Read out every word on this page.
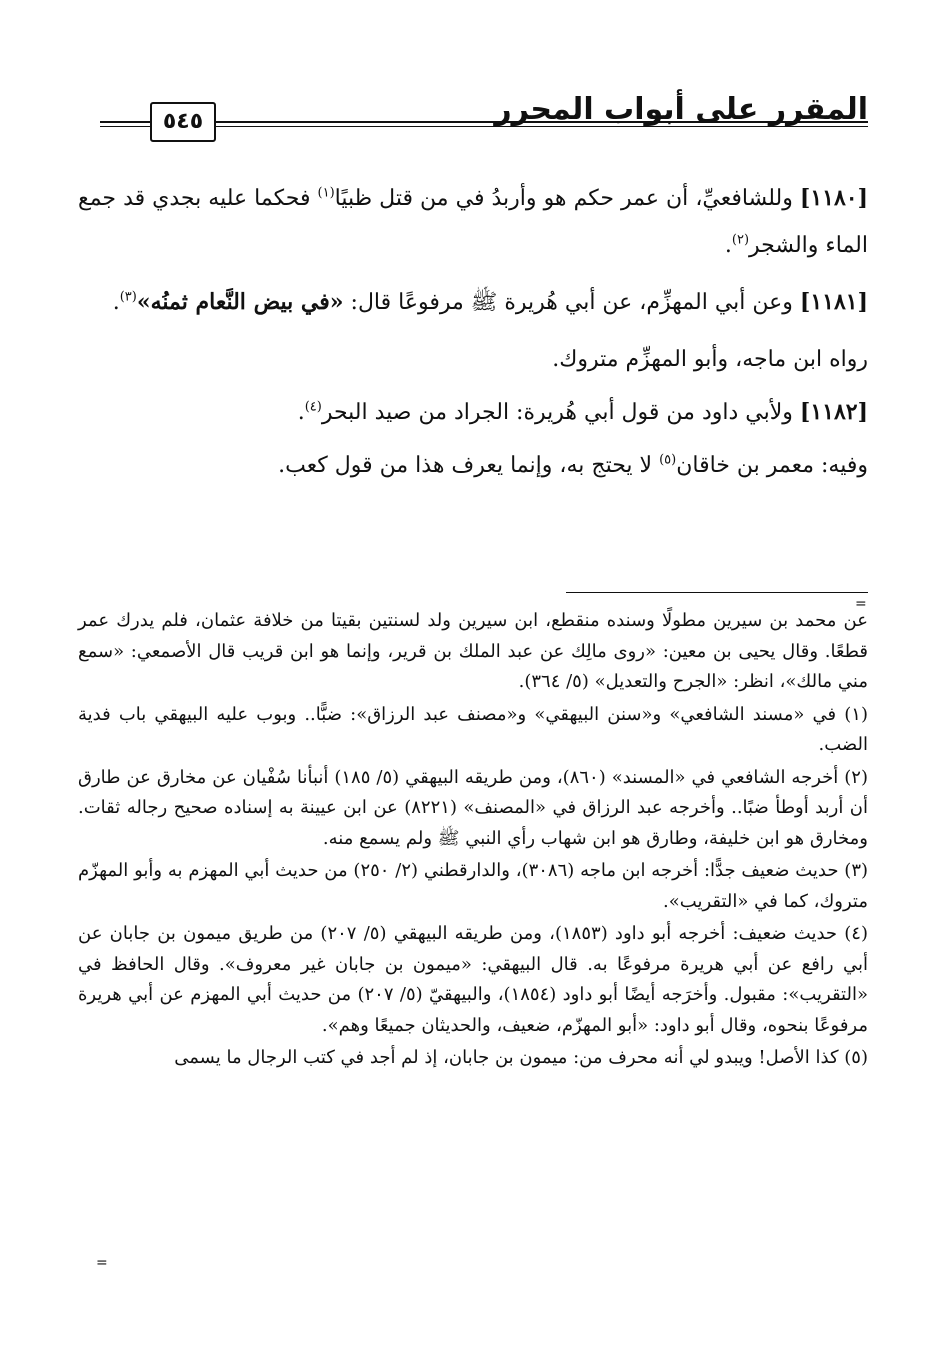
٥٤٥	المقرر على أبواب المحرر

[١١٨٠] وللشافعيِّ، أن عمر حكم هو وأربدُ في من قتل ظبيًا$^{(١)}$ فحكما عليه بجدي قد جمع الماء والشجر$^{(٢)}$.

[١١٨١] وعن أبي المهزِّم، عن أبي هُريرة ﷺ مرفوعًا قال: «في بيض النَّعام ثمنُه»$^{(٣)}$.

رواه ابن ماجه، وأبو المهزِّم متروك.

[١١٨٢] ولأبي داود من قول أبي هُريرة: الجراد من صيد البحر$^{(٤)}$.

وفيه: معمر بن خاقان$^{(٥)}$ لا يحتج به، وإنما يعرف هذا من قول كعب.

=

عن محمد بن سيرين مطولًا وسنده منقطع، ابن سيرين ولد لسنتين بقيتا من خلافة عثمان، فلم يدرك عمر قطعًا. وقال يحيى بن معين: «روى مالِك عن عبد الملك بن قرير، وإنما هو ابن قريب قال الأصمعي: «سمع مني مالك»، انظر: «الجرح والتعديل» (٥/ ٣٦٤).

(١) في «مسند الشافعي» و«سنن البيهقي» و«مصنف عبد الرزاق»: ضبًّا.. وبوب عليه البيهقي باب فدية الضب.

(٢) أخرجه الشافعي في «المسند» (٨٦٠)، ومن طريقه البيهقي (٥/ ١٨٥) أنبأنا سُفْيان عن مخارق عن طارق أن أربد أوطأ ضبًا.. وأخرجه عبد الرزاق في «المصنف» (٨٢٢١) عن ابن عيينة به إسناده صحيح رجاله ثقات. ومخارق هو ابن خليفة، وطارق هو ابن شهاب رأي النبي ﷺ ولم يسمع منه.

(٣) حديث ضعيف جدًّا: أخرجه ابن ماجه (٣٠٨٦)، والدارقطني (٢/ ٢٥٠) من حديث أبي المهزم به وأبو المهزّم متروك، كما في «التقريب».

(٤) حديث ضعيف: أخرجه أبو داود (١٨٥٣)، ومن طريقه البيهقي (٥/ ٢٠٧) من طريق ميمون بن جابان عن أبي رافع عن أبي هريرة مرفوعًا به. قال البيهقي: «ميمون بن جابان غير معروف». وقال الحافظ في «التقريب»: مقبول. وأخرَجه أيضًا أبو داود (١٨٥٤)، والبيهقيّ (٥/ ٢٠٧) من حديث أبي المهزم عن أبي هريرة مرفوعًا بنحوه، وقال أبو داود: «أبو المهزّم، ضعيف، والحديثان جميعًا وهم».

(٥) كذا الأصل! ويبدو لي أنه محرف من: ميمون بن جابان، إذ لم أجد في كتب الرجال ما يسمى

=
